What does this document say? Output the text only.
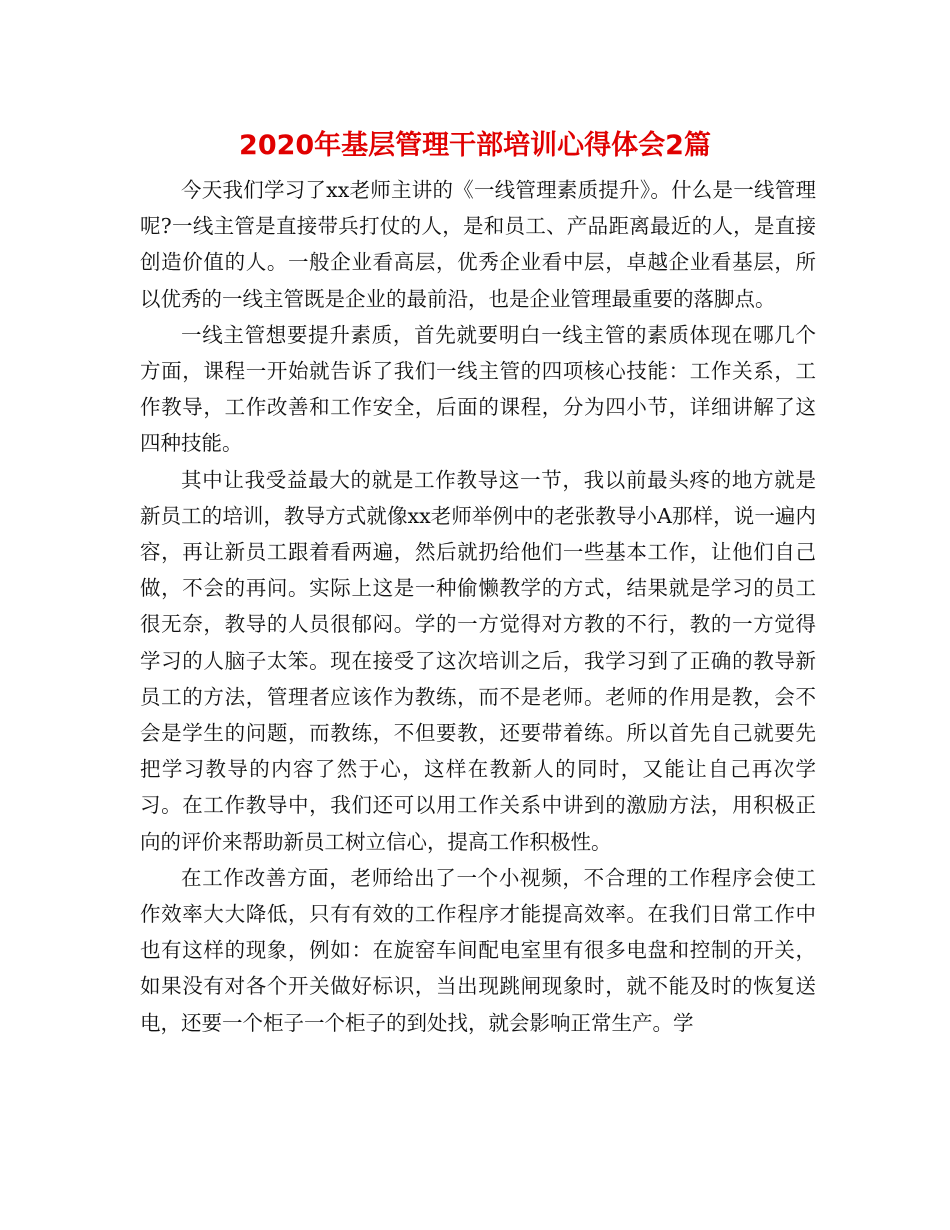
2020年基层管理干部培训心得体会2篇

今天我们学习了xx老师主讲的《一线管理素质提升》。什么是一线管理呢?一线主管是直接带兵打仗的人，是和员工、产品距离最近的人，是直接创造价值的人。一般企业看高层，优秀企业看中层，卓越企业看基层，所以优秀的一线主管既是企业的最前沿，也是企业管理最重要的落脚点。

一线主管想要提升素质，首先就要明白一线主管的素质体现在哪几个方面，课程一开始就告诉了我们一线主管的四项核心技能：工作关系，工作教导，工作改善和工作安全，后面的课程，分为四小节，详细讲解了这四种技能。

其中让我受益最大的就是工作教导这一节，我以前最头疼的地方就是新员工的培训，教导方式就像xx老师举例中的老张教导小A那样，说一遍内容，再让新员工跟着看两遍，然后就扔给他们一些基本工作，让他们自己做，不会的再问。实际上这是一种偷懒教学的方式，结果就是学习的员工很无奈，教导的人员很郁闷。学的一方觉得对方教的不行，教的一方觉得学习的人脑子太笨。现在接受了这次培训之后，我学习到了正确的教导新员工的方法，管理者应该作为教练，而不是老师。老师的作用是教，会不会是学生的问题，而教练，不但要教，还要带着练。所以首先自己就要先把学习教导的内容了然于心，这样在教新人的同时，又能让自己再次学习。在工作教导中，我们还可以用工作关系中讲到的激励方法，用积极正向的评价来帮助新员工树立信心，提高工作积极性。

在工作改善方面，老师给出了一个小视频，不合理的工作程序会使工作效率大大降低，只有有效的工作程序才能提高效率。在我们日常工作中也有这样的现象，例如：在旋窑车间配电室里有很多电盘和控制的开关，如果没有对各个开关做好标识，当出现跳闸现象时，就不能及时的恢复送电，还要一个柜子一个柜子的到处找，就会影响正常生产。学
